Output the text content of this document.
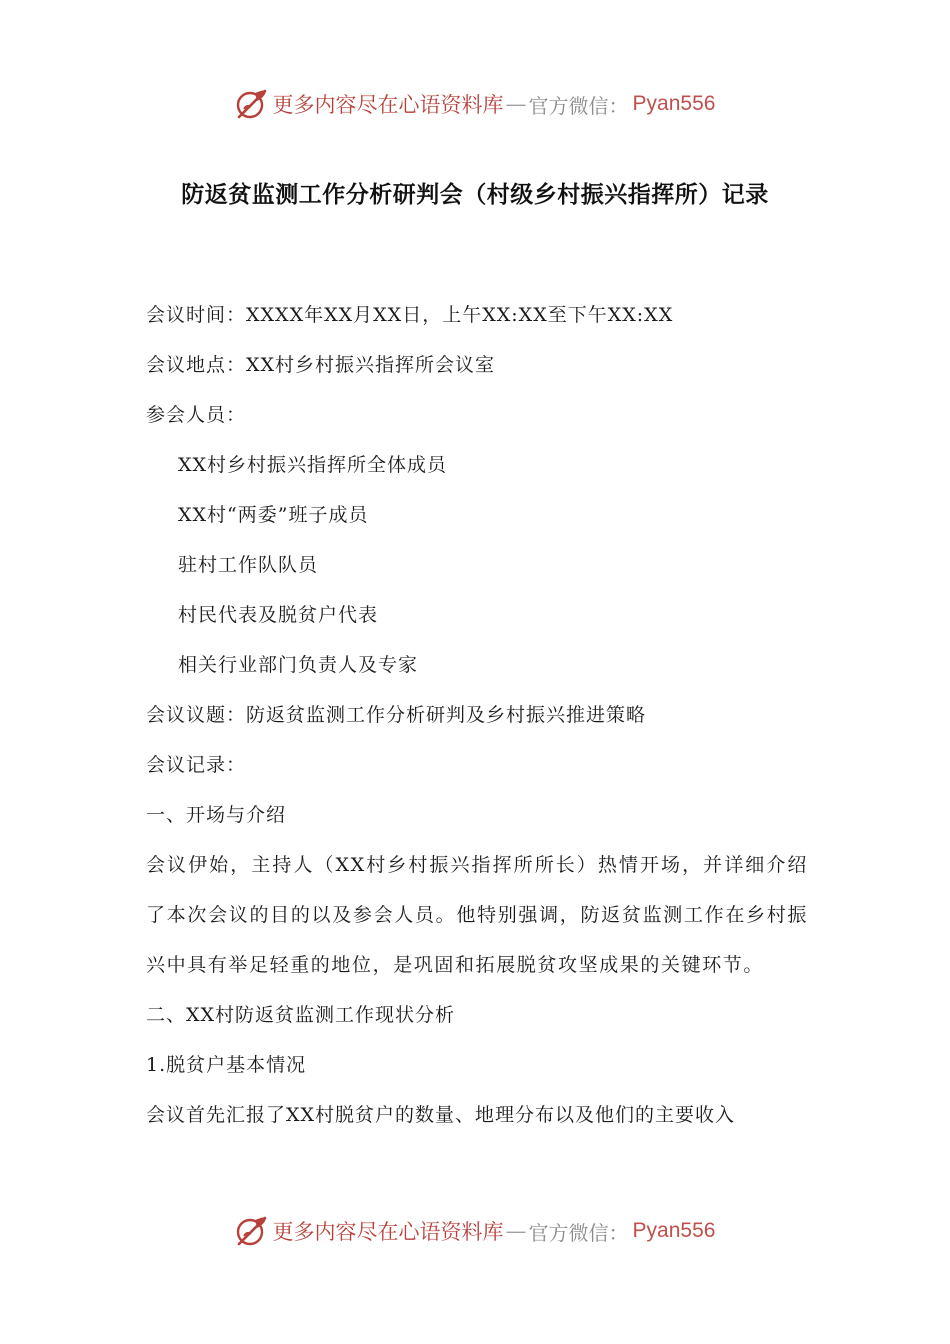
更多内容尽在心语资料库 — 官方微信： Pyan556
防返贫监测工作分析研判会（村级乡村振兴指挥所）记录
会议时间：XXXX年XX月XX日，上午XX:XX至下午XX:XX
会议地点：XX村乡村振兴指挥所会议室
参会人员：
XX村乡村振兴指挥所全体成员
XX村“两委”班子成员
驻村工作队队员
村民代表及脱贫户代表
相关行业部门负责人及专家
会议议题：防返贫监测工作分析研判及乡村振兴推进策略
会议记录：
一、开场与介绍
会议伊始，主持人（XX村乡村振兴指挥所所长）热情开场，并详细介绍了本次会议的目的以及参会人员。他特别强调，防返贫监测工作在乡村振兴中具有举足轻重的地位，是巩固和拓展脱贫攻坚成果的关键环节。
二、XX村防返贫监测工作现状分析
1.脱贫户基本情况
会议首先汇报了XX村脱贫户的数量、地理分布以及他们的主要收入
更多内容尽在心语资料库 — 官方微信： Pyan556
